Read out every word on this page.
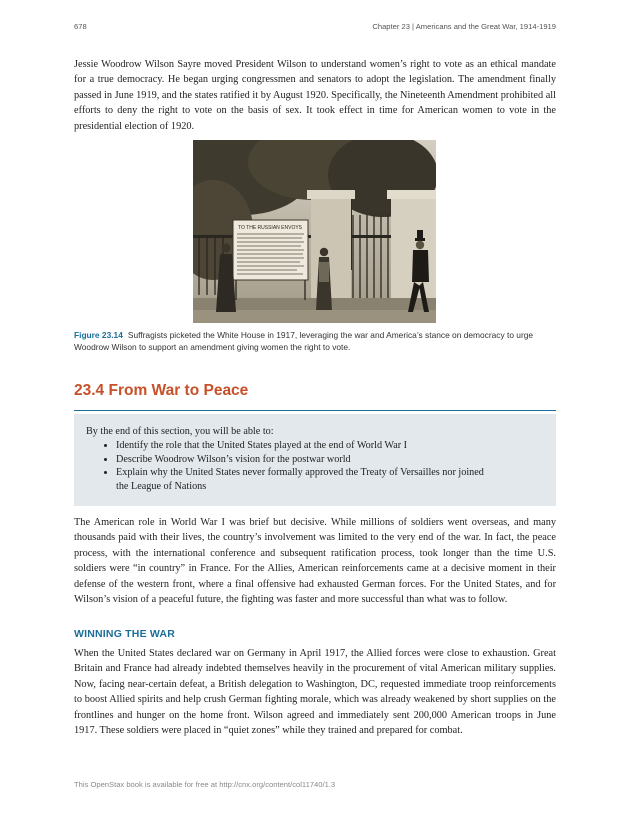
678	Chapter 23 | Americans and the Great War, 1914-1919

Jessie Woodrow Wilson Sayre moved President Wilson to understand women’s right to vote as an ethical mandate for a true democracy. He began urging congressmen and senators to adopt the legislation. The amendment finally passed in June 1919, and the states ratified it by August 1920. Specifically, the Nineteenth Amendment prohibited all efforts to deny the right to vote on the basis of sex. It took effect in time for American women to vote in the presidential election of 1920.

TO THE RUSSIAN ENVOYS

Figure 23.14 Suffragists picketed the White House in 1917, leveraging the war and America’s stance on democracy to urge Woodrow Wilson to support an amendment giving women the right to vote.

23.4 From War to Peace

By the end of this section, you will be able to:

• Identify the role that the United States played at the end of World War I
• Describe Woodrow Wilson’s vision for the postwar world
• Explain why the United States never formally approved the Treaty of Versailles nor joined the League of Nations

The American role in World War I was brief but decisive. While millions of soldiers went overseas, and many thousands paid with their lives, the country’s involvement was limited to the very end of the war. In fact, the peace process, with the international conference and subsequent ratification process, took longer than the time U.S. soldiers were “in country” in France. For the Allies, American reinforcements came at a decisive moment in their defense of the western front, where a final offensive had exhausted German forces. For the United States, and for Wilson’s vision of a peaceful future, the fighting was faster and more successful than what was to follow.

WINNING THE WAR

When the United States declared war on Germany in April 1917, the Allied forces were close to exhaustion. Great Britain and France had already indebted themselves heavily in the procurement of vital American military supplies. Now, facing near-certain defeat, a British delegation to Washington, DC, requested immediate troop reinforcements to boost Allied spirits and help crush German fighting morale, which was already weakened by short supplies on the frontlines and hunger on the home front. Wilson agreed and immediately sent 200,000 American troops in June 1917. These soldiers were placed in “quiet zones” while they trained and prepared for combat.

This OpenStax book is available for free at http://cnx.org/content/col11740/1.3
